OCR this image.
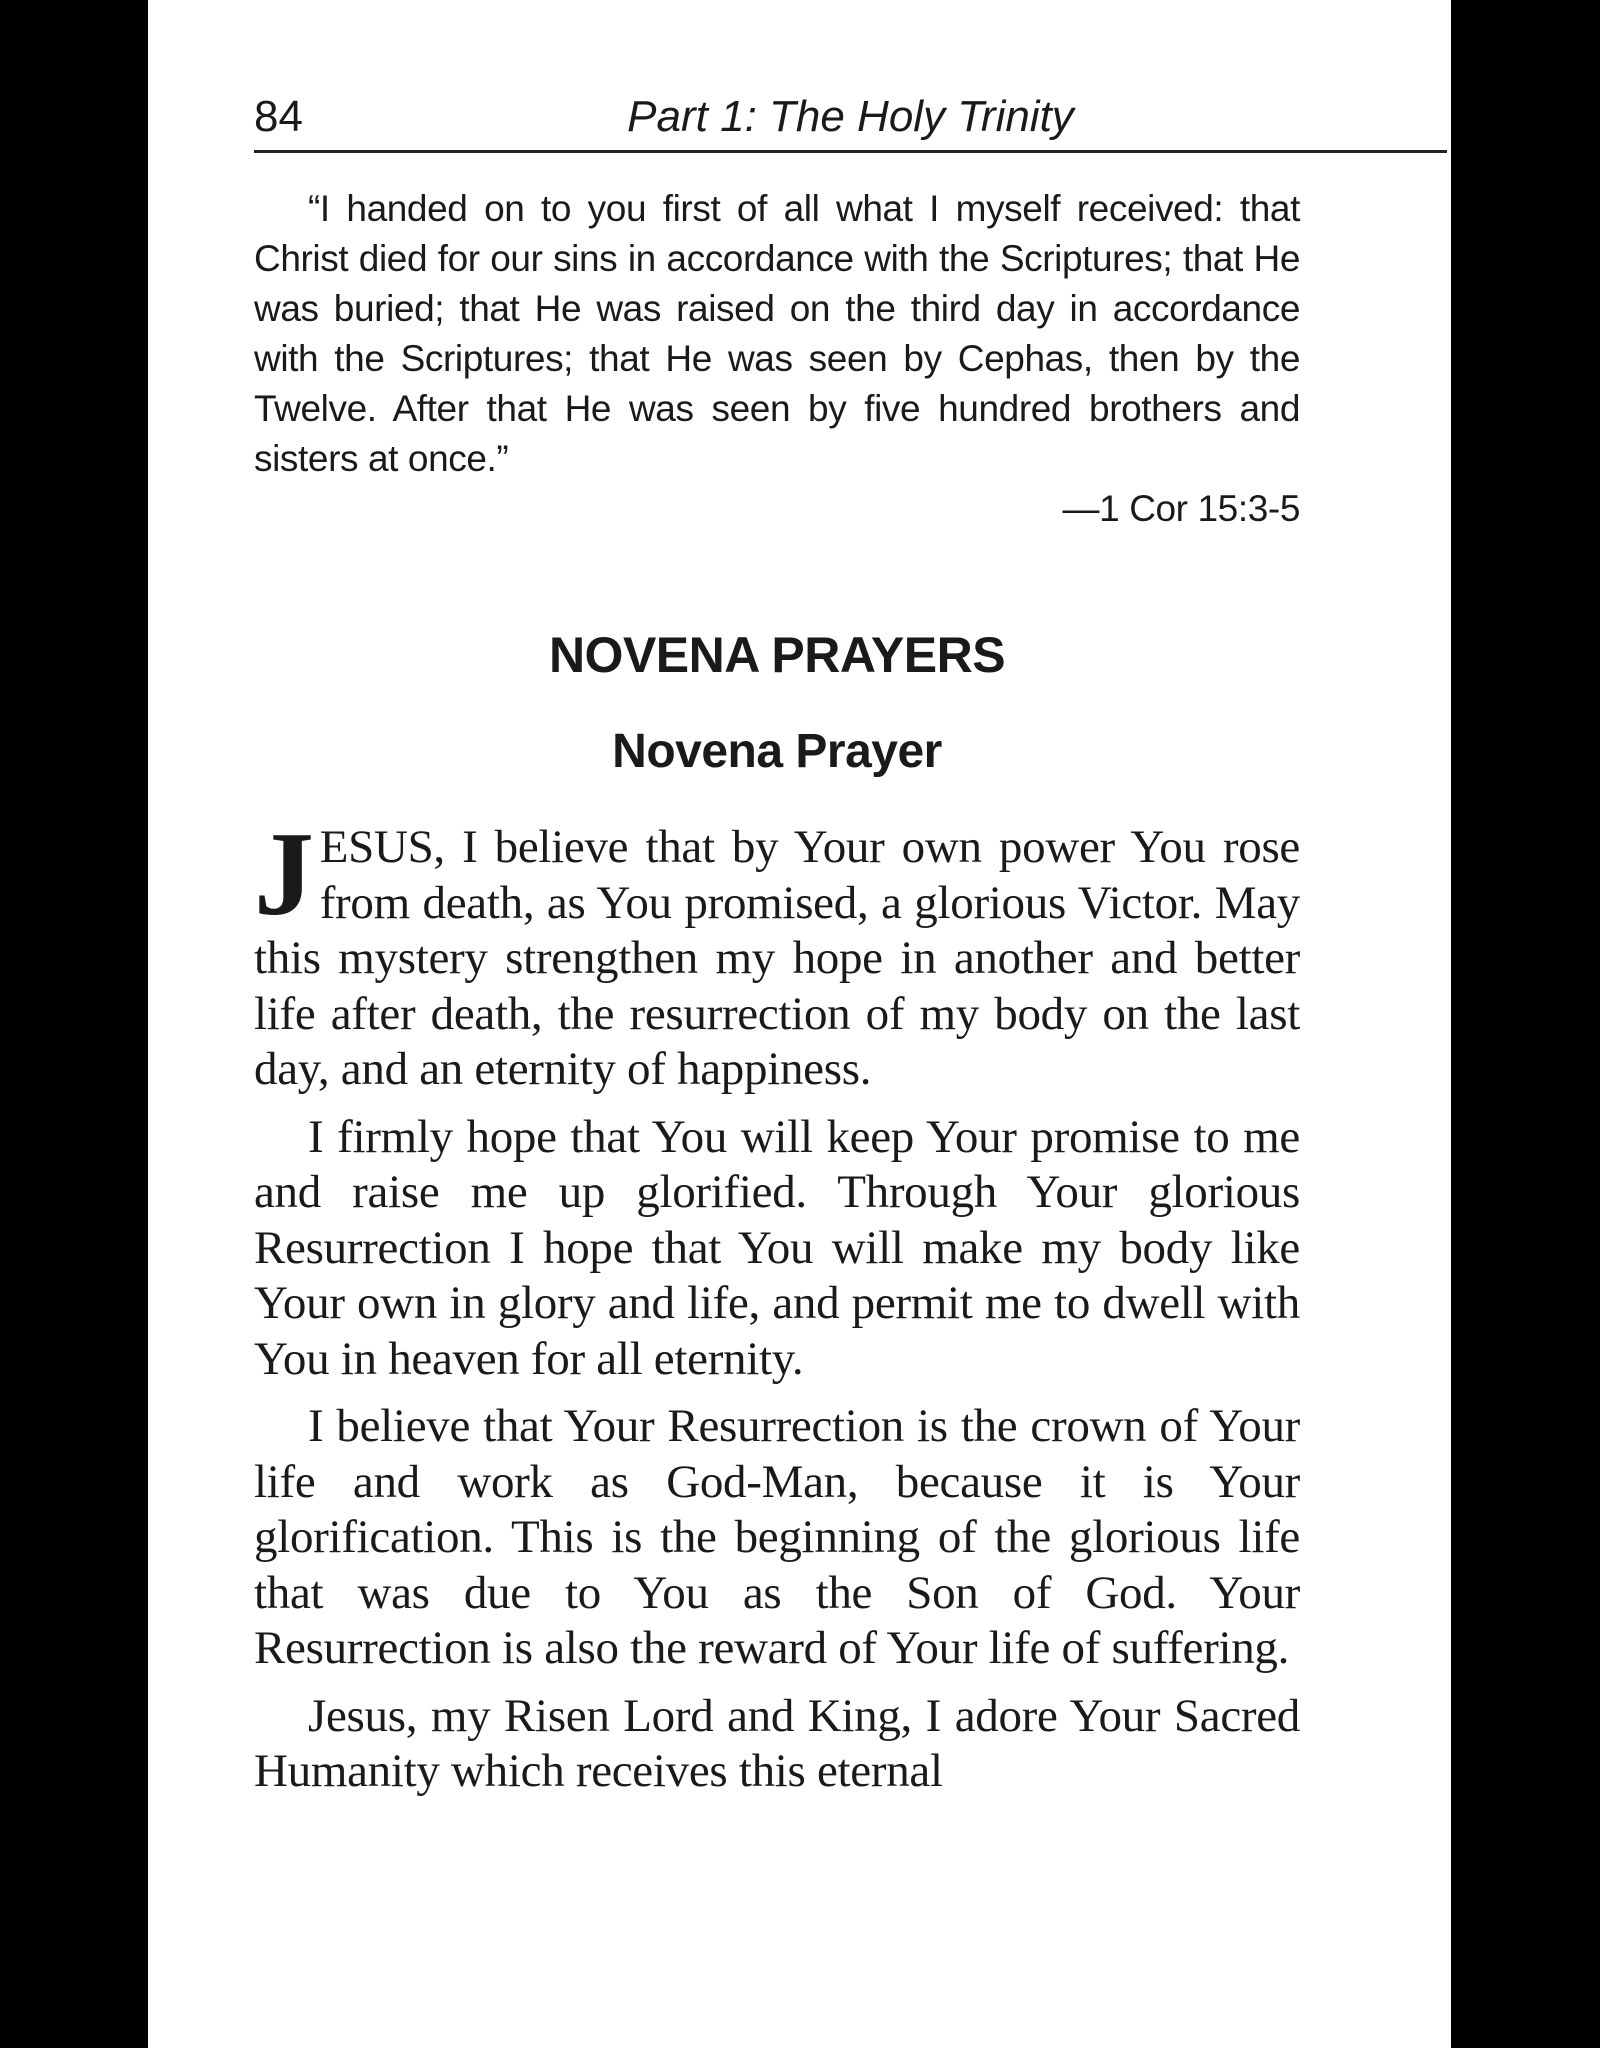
84	Part 1: The Holy Trinity

“I handed on to you first of all what I myself received: that Christ died for our sins in accordance with the Scriptures; that He was buried; that He was raised on the third day in accordance with the Scriptures; that He was seen by Cephas, then by the Twelve. After that He was seen by five hundred brothers and sisters at once.”

—1 Cor 15:3-5
NOVENA PRAYERS
Novena Prayer

JESUS, I believe that by Your own power You rose from death, as You promised, a glorious Victor. May this mystery strengthen my hope in another and better life after death, the resurrection of my body on the last day, and an eternity of happiness.

I firmly hope that You will keep Your promise to me and raise me up glorified. Through Your glorious Resurrection I hope that You will make my body like Your own in glory and life, and permit me to dwell with You in heaven for all eternity.

I believe that Your Resurrection is the crown of Your life and work as God-Man, because it is Your glorification. This is the beginning of the glorious life that was due to You as the Son of God. Your Resurrection is also the reward of Your life of suffering.

Jesus, my Risen Lord and King, I adore Your Sacred Humanity which receives this eternal
